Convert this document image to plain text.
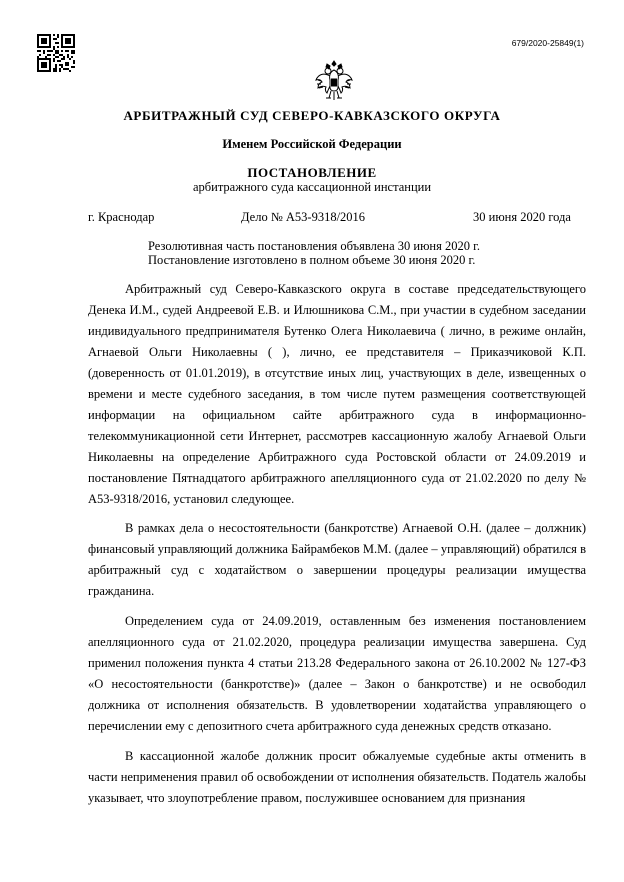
679/2020-25849(1)
АРБИТРАЖНЫЙ СУД СЕВЕРО-КАВКАЗСКОГО ОКРУГА
Именем Российской Федерации
ПОСТАНОВЛЕНИЕ
арбитражного суда кассационной инстанции
г. Краснодар	Дело № А53-9318/2016	30 июня 2020 года
Резолютивная часть постановления объявлена 30 июня 2020 г.
Постановление изготовлено в полном объеме 30 июня 2020 г.

Арбитражный суд Северо-Кавказского округа в составе председательствующего Денека И.М., судей Андреевой Е.В. и Илюшникова С.М., при участии в судебном заседании индивидуального предпринимателя Бутенко Олега Николаевича ( лично, в режиме онлайн, Агнаевой Ольги Николаевны ( ), лично, ее представителя – Приказчиковой К.П. (доверенность от 01.01.2019), в отсутствие иных лиц, участвующих в деле, извещенных о времени и месте судебного заседания, в том числе путем размещения соответствующей информации на официальном сайте арбитражного суда в информационно-телекоммуникационной сети Интернет, рассмотрев кассационную жалобу Агнаевой Ольги Николаевны на определение Арбитражного суда Ростовской области от 24.09.2019 и постановление Пятнадцатого арбитражного апелляционного суда от 21.02.2020 по делу № А53-9318/2016, установил следующее.

В рамках дела о несостоятельности (банкротстве) Агнаевой О.Н. (далее – должник) финансовый управляющий должника Байрамбеков М.М. (далее – управляющий) обратился в арбитражный суд с ходатайством о завершении процедуры реализации имущества гражданина.

Определением суда от 24.09.2019, оставленным без изменения постановлением апелляционного суда от 21.02.2020, процедура реализации имущества завершена. Суд применил положения пункта 4 статьи 213.28 Федерального закона от 26.10.2002 № 127-ФЗ «О несостоятельности (банкротстве)» (далее – Закон о банкротстве) и не освободил должника от исполнения обязательств. В удовлетворении ходатайства управляющего о перечислении ему с депозитного счета арбитражного суда денежных средств отказано.

В кассационной жалобе должник просит обжалуемые судебные акты отменить в части неприменения правил об освобождении от исполнения обязательств. Податель жалобы указывает, что злоупотребление правом, послужившее основанием для признания
